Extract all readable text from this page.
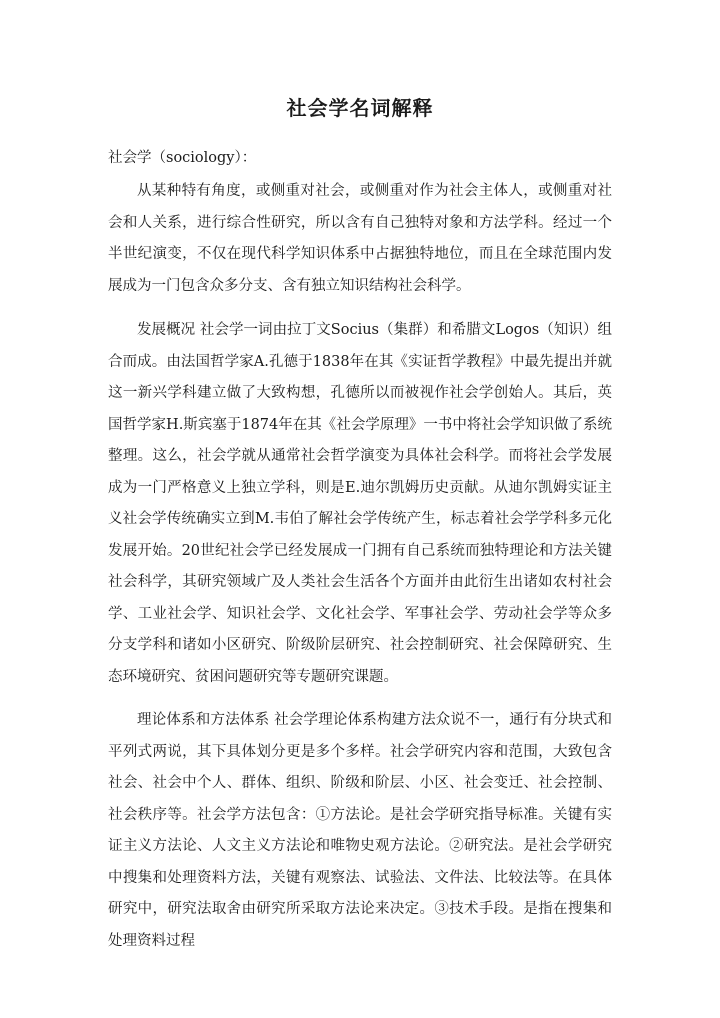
社会学名词解释
社会学（sociology）：

从某种特有角度，或侧重对社会，或侧重对作为社会主体人，或侧重对社会和人关系，进行综合性研究，所以含有自己独特对象和方法学科。经过一个半世纪演变，不仅在现代科学知识体系中占据独特地位，而且在全球范围内发展成为一门包含众多分支、含有独立知识结构社会科学。

发展概况 社会学一词由拉丁文Socius（集群）和希腊文Logos（知识）组合而成。由法国哲学家A.孔德于1838年在其《实证哲学教程》中最先提出并就这一新兴学科建立做了大致构想，孔德所以而被视作社会学创始人。其后，英国哲学家H.斯宾塞于1874年在其《社会学原理》一书中将社会学知识做了系统整理。这么，社会学就从通常社会哲学演变为具体社会科学。而将社会学发展成为一门严格意义上独立学科，则是E.迪尔凯姆历史贡献。从迪尔凯姆实证主义社会学传统确实立到M.韦伯了解社会学传统产生，标志着社会学学科多元化发展开始。20世纪社会学已经发展成一门拥有自己系统而独特理论和方法关键社会科学，其研究领域广及人类社会生活各个方面并由此衍生出诸如农村社会学、工业社会学、知识社会学、文化社会学、军事社会学、劳动社会学等众多分支学科和诸如小区研究、阶级阶层研究、社会控制研究、社会保障研究、生态环境研究、贫困问题研究等专题研究课题。

理论体系和方法体系 社会学理论体系构建方法众说不一，通行有分块式和平列式两说，其下具体划分更是多个多样。社会学研究内容和范围，大致包含社会、社会中个人、群体、组织、阶级和阶层、小区、社会变迁、社会控制、社会秩序等。社会学方法包含：①方法论。是社会学研究指导标准。关键有实证主义方法论、人文主义方法论和唯物史观方法论。②研究法。是社会学研究中搜集和处理资料方法，关键有观察法、试验法、文件法、比较法等。在具体研究中，研究法取舍由研究所采取方法论来决定。③技术手段。是指在搜集和处理资料过程
